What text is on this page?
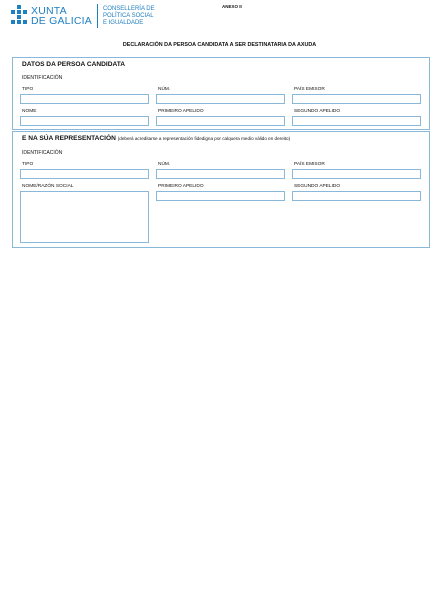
XUNTA
DE GALICIA
CONSELLERÍA DE
POLÍTICA SOCIAL
E IGUALDADE
ANEXO II
DECLARACIÓN DA PERSOA CANDIDATA A SER DESTINATARIA DA AXUDA
DATOS DA PERSOA CANDIDATA
IDENTIFICACIÓN
TIPO	NÚM.	PAÍS EMISOR
NOME	PRIMEIRO APELIDO	SEGUNDO APELIDO
E NA SÚA REPRESENTACIÓN (deberá acreditarse a representación fidedigna por calquera medio válido en dereito)
IDENTIFICACIÓN
TIPO	NÚM.	PAÍS EMISOR
NOME/RAZÓN SOCIAL	PRIMEIRO APELIDO	SEGUNDO APELIDO
